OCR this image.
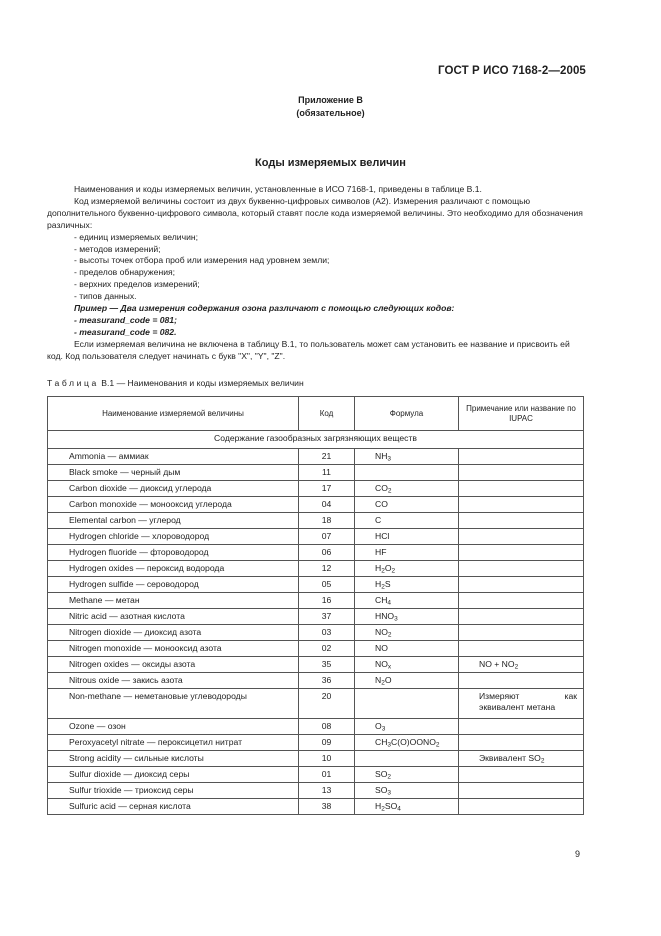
ГОСТ Р ИСО 7168-2—2005
Приложение В
(обязательное)
Коды измеряемых величин

Наименования и коды измеряемых величин, установленные в ИСО 7168-1, приведены в таблице В.1.

Код измеряемой величины состоит из двух буквенно-цифровых символов (А2). Измерения различают с помощью дополнительного буквенно-цифрового символа, который ставят после кода измеряемой величины. Это необходимо для обозначения различных:

- единиц измеряемых величин;
- методов измерений;
- высоты точек отбора проб или измерения над уровнем земли;
- пределов обнаружения;
- верхних пределов измерений;
- типов данных.

Пример — Два измерения содержания озона различают с помощью следующих кодов:

- measurand_code = 081;
- measurand_code = 082.

Если измеряемая величина не включена в таблицу В.1, то пользователь может сам установить ее название и присвоить ей код. Код пользователя следует начинать с букв "X", "Y", "Z".

Таблица В.1 — Наименования и коды измеряемых величин
Наименование измеряемой величины	Код	Формула	Примечание или название по IUPAC
Содержание газообразных загрязняющих веществ			
Ammonia — аммиак	21	$NH_3$	
Black smoke — черный дым	11		
Carbon dioxide — диоксид углерода	17	$CO_2$	
Carbon monoxide — монооксид углерода	04	CO	
Elemental carbon — углерод	18	C	
Hydrogen chloride — хлороводород	07	HCl	
Hydrogen fluoride — фтороводород	06	HF	
Hydrogen oxides — пероксид водорода	12	$H_2O_2$	
Hydrogen sulfide — сероводород	05	$H_2S$	
Methane — метан	16	$CH_4$	
Nitric acid — азотная кислота	37	$HNO_3$	
Nitrogen dioxide — диоксид азота	03	$NO_2$	
Nitrogen monoxide — монооксид азота	02	NO	
Nitrogen oxides — оксиды азота	35	$NO_x$	NO + $NO_2$
Nitrous oxide — закись азота	36	$N_2O$	
Non-methane — неметановые углеводороды	20		Измеряют как эквивалент метана
Ozone — озон	08	$O_3$	
Peroxyacetyl nitrate — пероксицетил нитрат	09	$CH_3C(O)OONO_2$	
Strong acidity — сильные кислоты	10		Эквивалент $SO_2$
Sulfur dioxide — диоксид серы	01	$SO_2$	
Sulfur trioxide — триоксид серы	13	$SO_3$	
Sulfuric acid — серная кислота	38	$H_2SO_4$	
9
